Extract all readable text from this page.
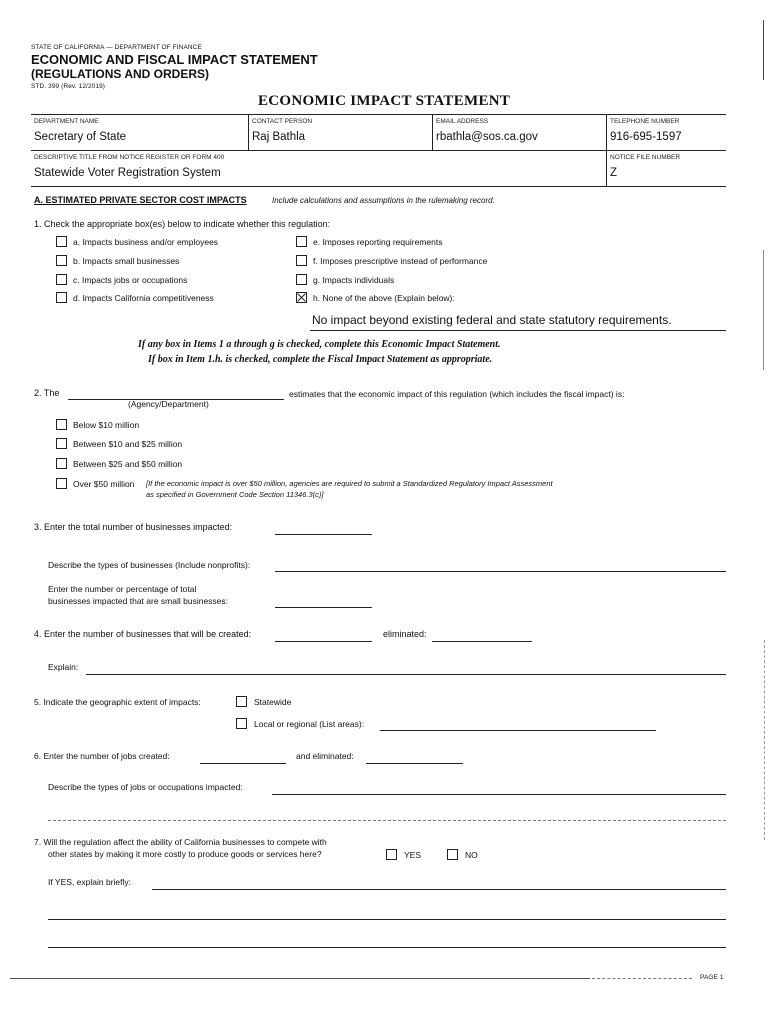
STATE OF CALIFORNIA — DEPARTMENT OF FINANCE
ECONOMIC AND FISCAL IMPACT STATEMENT
(REGULATIONS AND ORDERS)
STD. 399 (Rev. 12/2019)
ECONOMIC IMPACT STATEMENT
DEPARTMENT NAME
Secretary of State
CONTACT PERSON
Raj Bathla
EMAIL ADDRESS
rbathla@sos.ca.gov
TELEPHONE NUMBER
916-695-1597
DESCRIPTIVE TITLE FROM NOTICE REGISTER OR FORM 400
Statewide Voter Registration System
NOTICE FILE NUMBER
Z
A. ESTIMATED PRIVATE SECTOR COST IMPACTS	Include calculations and assumptions in the rulemaking record.
1. Check the appropriate box(es) below to indicate whether this regulation:
a. Impacts business and/or employees
b. Impacts small businesses
c. Impacts jobs or occupations
d. Impacts California competitiveness
e. Imposes reporting requirements
f. Imposes prescriptive instead of performance
g. Impacts individuals
h. None of the above (Explain below):
No impact beyond existing federal and state statutory requirements.
If any box in Items 1 a through g is checked, complete this Economic Impact Statement.
If box in Item 1.h. is checked, complete the Fiscal Impact Statement as appropriate.
2. The
(Agency/Department)
estimates that the economic impact of this regulation (which includes the fiscal impact) is:
Below $10 million
Between $10 and $25 million
Between $25 and $50 million
Over $50 million [If the economic impact is over $50 million, agencies are required to submit a Standardized Regulatory Impact Assessment
as specified in Government Code Section 11346.3(c)]
3. Enter the total number of businesses impacted:
Describe the types of businesses (Include nonprofits):
Enter the number or percentage of total
businesses impacted that are small businesses:
4. Enter the number of businesses that will be created:	eliminated:
Explain:
5. Indicate the geographic extent of impacts:	Statewide
Local or regional (List areas):
6. Enter the number of jobs created:	and eliminated:
Describe the types of jobs or occupations impacted:
7. Will the regulation affect the ability of California businesses to compete with
other states by making it more costly to produce goods or services here?	YES	NO
If YES, explain briefly:
PAGE 1
